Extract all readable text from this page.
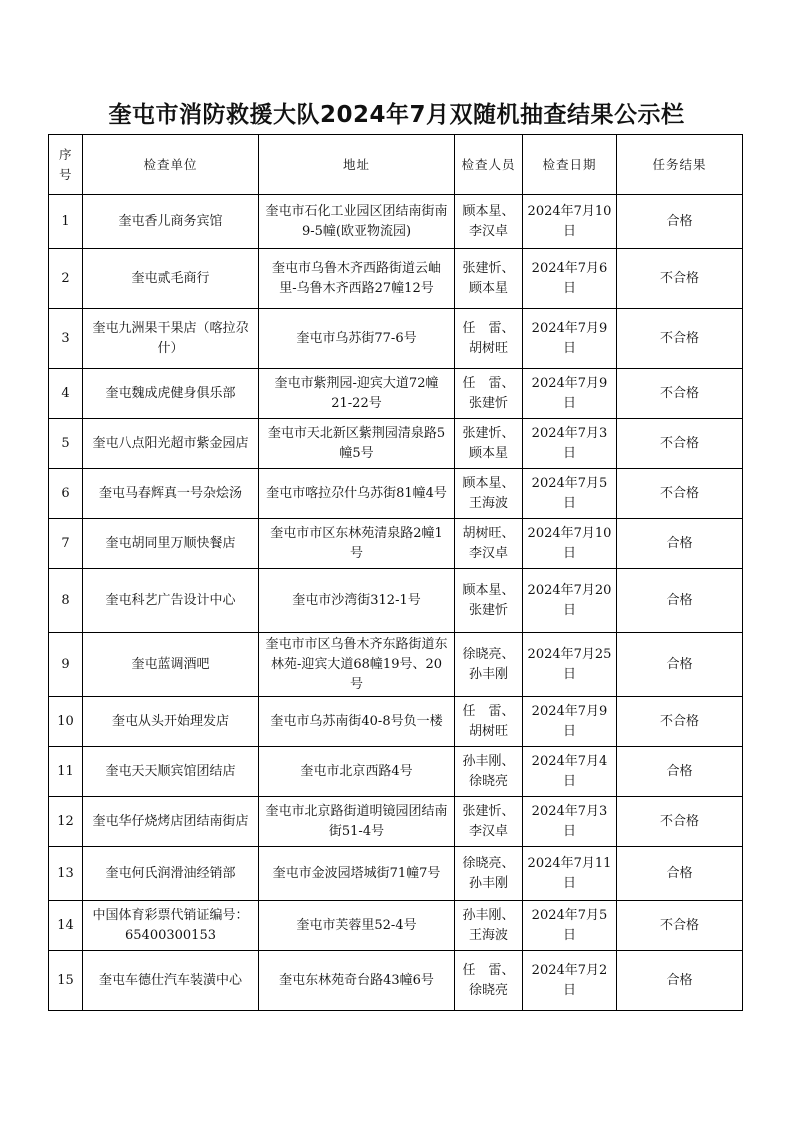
奎屯市消防救援大队2024年7月双随机抽查结果公示栏
序号	检查单位	地址	检查人员	检查日期	任务结果
1	奎屯香儿商务宾馆	奎屯市石化工业园区团结南街南9-5幢(欧亚物流园)	顾本星、李汉卓	2024年7月10日	合格
2	奎屯贰毛商行	奎屯市乌鲁木齐西路街道云岫里-乌鲁木齐西路27幢12号	张建忻、顾本星	2024年7月6日	不合格
3	奎屯九洲果干果店（喀拉尕什）	奎屯市乌苏街77-6号	任　雷、胡树旺	2024年7月9日	不合格
4	奎屯魏成虎健身俱乐部	奎屯市紫荆园-迎宾大道72幢21-22号	任　雷、张建忻	2024年7月9日	不合格
5	奎屯八点阳光超市紫金园店	奎屯市天北新区紫荆园清泉路5幢5号	张建忻、顾本星	2024年7月3日	不合格
6	奎屯马春辉真一号杂烩汤	奎屯市喀拉尕什乌苏街81幢4号	顾本星、王海波	2024年7月5日	不合格
7	奎屯胡同里万顺快餐店	奎屯市市区东林苑清泉路2幢1号	胡树旺、李汉卓	2024年7月10日	合格
8	奎屯科艺广告设计中心	奎屯市沙湾街312-1号	顾本星、张建忻	2024年7月20日	合格
9	奎屯蓝调酒吧	奎屯市市区乌鲁木齐东路街道东林苑-迎宾大道68幢19号、20号	徐晓亮、孙丰刚	2024年7月25日	合格
10	奎屯从头开始理发店	奎屯市乌苏南街40-8号负一楼	任　雷、胡树旺	2024年7月9日	不合格
11	奎屯天天顺宾馆团结店	奎屯市北京西路4号	孙丰刚、徐晓亮	2024年7月4日	合格
12	奎屯华仔烧烤店团结南街店	奎屯市北京路街道明镜园团结南街51-4号	张建忻、李汉卓	2024年7月3日	不合格
13	奎屯何氏润滑油经销部	奎屯市金波园塔城街71幢7号	徐晓亮、孙丰刚	2024年7月11日	合格
14	中国体育彩票代销证编号：65400300153	奎屯市芙蓉里52-4号	孙丰刚、王海波	2024年7月5日	不合格
15	奎屯车德仕汽车装潢中心	奎屯东林苑奇台路43幢6号	任　雷、徐晓亮	2024年7月2日	合格
